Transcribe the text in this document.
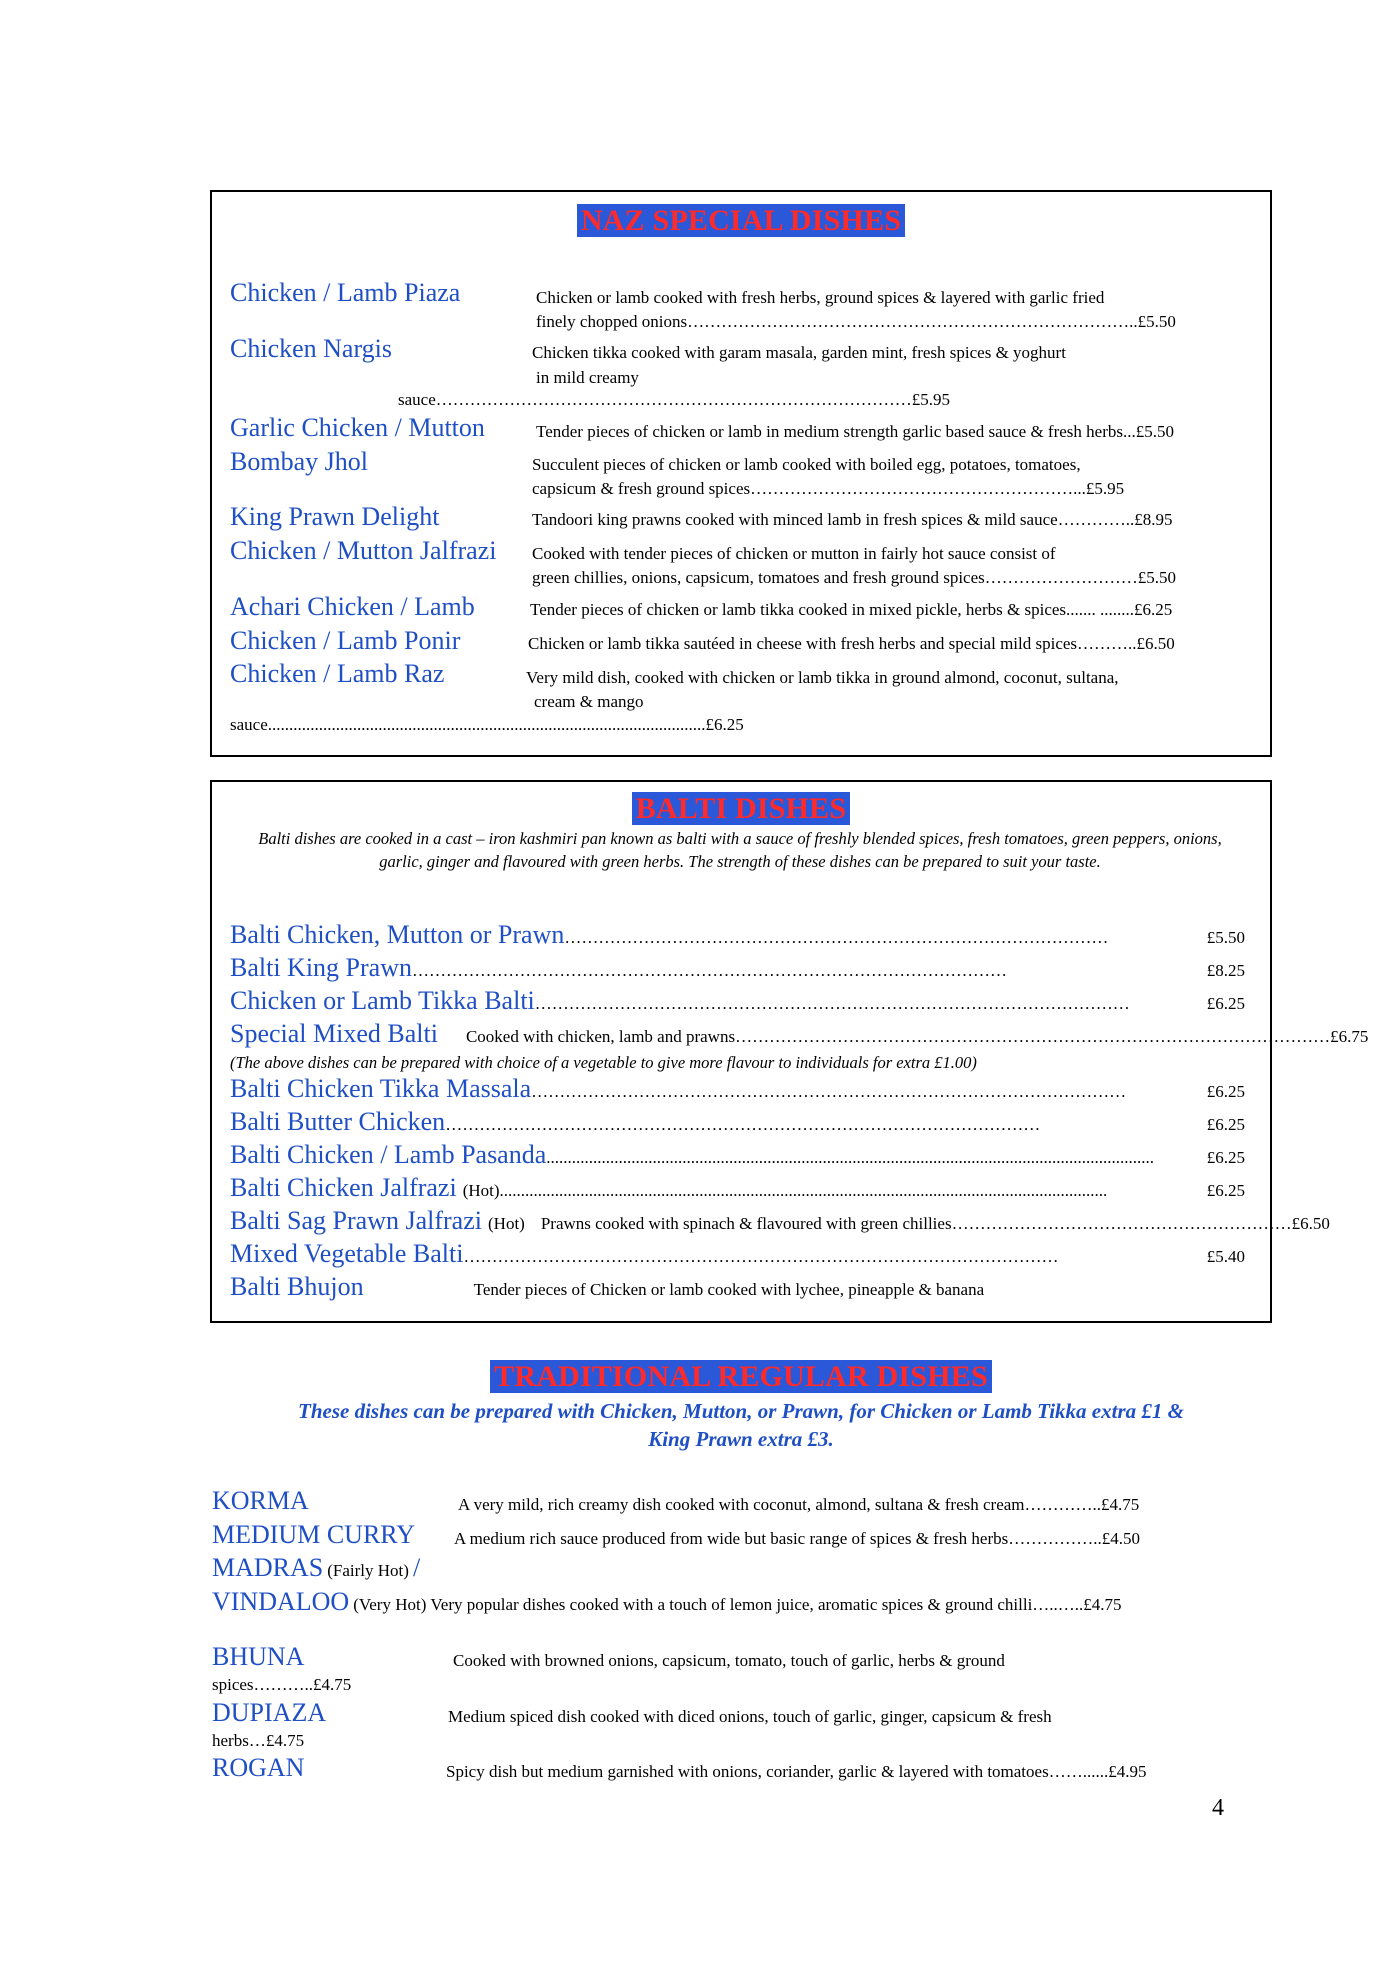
NAZ SPECIAL DISHES
Chicken / Lamb Piaza	Chicken or lamb cooked with fresh herbs, ground spices & layered with garlic fried
finely chopped onions……………………………………………………………………..£5.50
Chicken Nargis	Chicken tikka cooked with garam masala, garden mint, fresh spices & yoghurt
in mild creamy
sauce…………………………………………………………………………£5.95
Garlic Chicken / Mutton	Tender pieces of chicken or lamb in medium strength garlic based sauce & fresh herbs...£5.50
Bombay Jhol	Succulent pieces of chicken or lamb cooked with boiled egg, potatoes, tomatoes,
capsicum & fresh ground spices…………………………………………………...£5.95
King Prawn Delight	Tandoori king prawns cooked with minced lamb in fresh spices & mild sauce…………..£8.95
Chicken / Mutton Jalfrazi Cooked with tender pieces of chicken or mutton in fairly hot sauce consist of
green chillies, onions, capsicum, tomatoes and fresh ground spices………………………£5.50
Achari Chicken / Lamb	Tender pieces of chicken or lamb tikka cooked in mixed pickle, herbs & spices....... ........£6.25
Chicken / Lamb Ponir	Chicken or lamb tikka sautéed in cheese with fresh herbs and special mild spices………..£6.50
Chicken / Lamb Raz	Very mild dish, cooked with chicken or lamb tikka in ground almond, coconut, sultana,
cream & mango
sauce.......................................................................................................£6.25
BALTI DISHES
Balti dishes are cooked in a cast – iron kashmiri pan known as balti with a sauce of freshly blended spices, fresh tomatoes, green peppers, onions, garlic, ginger and flavoured with green herbs. The strength of these dishes can be prepared to suit your taste.
Balti Chicken, Mutton or Prawn ……………………………………………………………………………………	£5.50
Balti King Prawn ……………………………………………………………………………………………	£8.25
Chicken or Lamb Tikka Balti ……………………………………………………………………………………………	£6.25
Special Mixed Balti Cooked with chicken, lamb and prawns …………………………………………………………………………………………… £6.75
(The above dishes can be prepared with choice of a vegetable to give more flavour to individuals for extra £1.00)
Balti Chicken Tikka Massala ……………………………………………………………………………………………	£6.25
Balti Butter Chicken ……………………………………………………………………………………………	£6.25
Balti Chicken / Lamb Pasanda ...............................................................................................................................................	£6.25
Balti Chicken Jalfrazi (Hot) ...............................................................................................................................................	£6.25
Balti Sag Prawn Jalfrazi (Hot) Prawns cooked with spinach & flavoured with green chillies …………………………………………………… £6.50
Mixed Vegetable Balti ……………………………………………………………………………………………	£5.40
Balti Bhujon	Tender pieces of Chicken or lamb cooked with lychee, pineapple & banana
TRADITIONAL REGULAR DISHES
These dishes can be prepared with Chicken, Mutton, or Prawn, for Chicken or Lamb Tikka extra £1 &
King Prawn extra £3.
KORMA	A very mild, rich creamy dish cooked with coconut, almond, sultana & fresh cream…………..£4.75
MEDIUM CURRY A medium rich sauce produced from wide but basic range of spices & fresh herbs……………..£4.50
MADRAS (Fairly Hot) /
VINDALOO (Very Hot) Very popular dishes cooked with a touch of lemon juice, aromatic spices & ground chilli…..…..£4.75
BHUNA	Cooked with browned onions, capsicum, tomato, touch of garlic, herbs & ground
spices………..£4.75
DUPIAZA	Medium spiced dish cooked with diced onions, touch of garlic, ginger, capsicum & fresh
herbs…£4.75
ROGAN	Spicy dish but medium garnished with onions, coriander, garlic & layered with tomatoes……......£4.95
4
